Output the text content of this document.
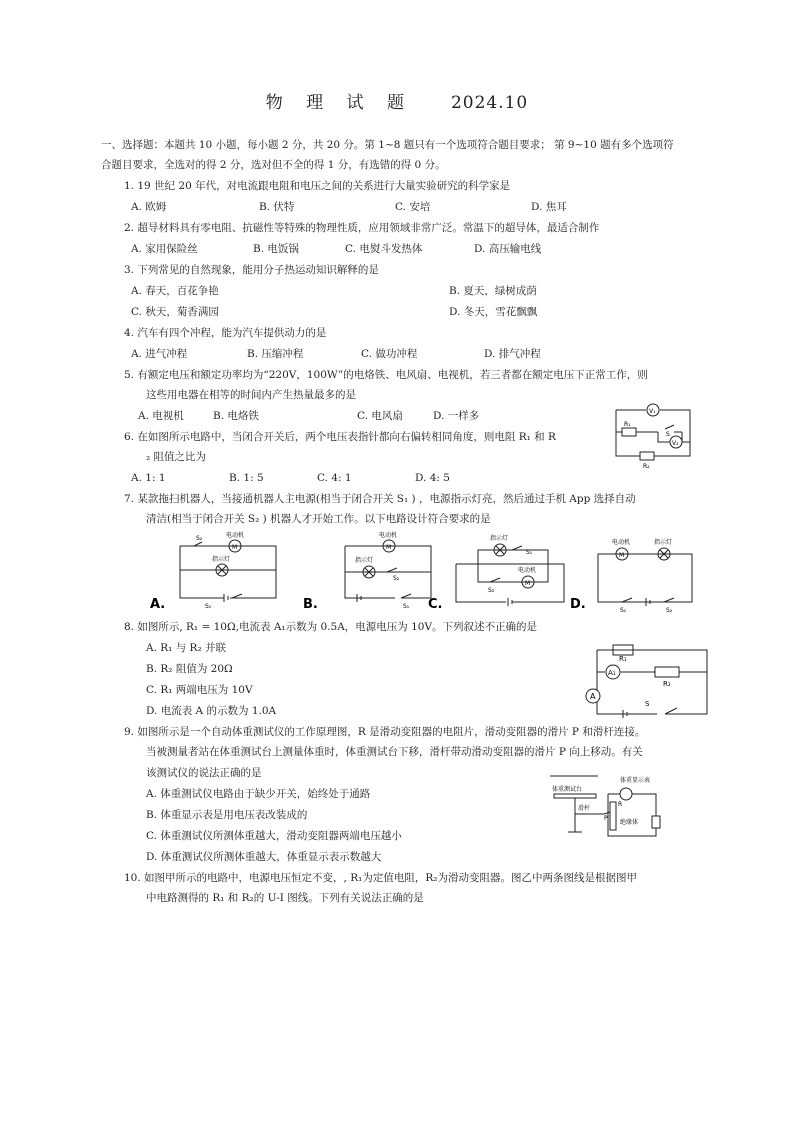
物 理 试 题 2024.10
一、选择题：本题共 10 小题，每小题 2 分，共 20 分。第 1~8 题只有一个选项符合题目要求； 第 9~10 题有多个选项符
合题目要求，全选对的得 2 分，选对但不全的得 1 分，有选错的得 0 分。
1. 19 世纪 20 年代，对电流跟电阻和电压之间的关系进行大量实验研究的科学家是
A. 欧姆	B. 伏特	C. 安培	D. 焦耳
2. 超导材料具有零电阻、抗磁性等特殊的物理性质，应用领域非常广泛。常温下的超导体，最适合制作
A. 家用保险丝	B. 电饭锅	C. 电熨斗发热体	D. 高压输电线
3. 下列常见的自然现象，能用分子热运动知识解释的是
A. 春天，百花争艳	B. 夏天，绿树成荫
C. 秋天，菊香满园	D. 冬天，雪花飘飘
4. 汽车有四个冲程，能为汽车提供动力的是
A. 进气冲程	B. 压缩冲程	C. 做功冲程	D. 排气冲程
5. 有额定电压和额定功率均为“220V，100W”的电烙铁、电风扇、电视机，若三者都在额定电压下正常工作，则
这些用电器在相等的时间内产生热量最多的是
A. 电视机	B. 电烙铁	C. 电风扇	D. 一样多
6. 在如图所示电路中，当闭合开关后，两个电压表指针都向右偏转相同角度，则电阻 R₁ 和 R
₂ 阻值之比为
A. 1: 1	B. 1: 5	C. 4: 1	D. 4: 5
V₁
V₂
R₁
S
R₂
7. 某款拖扫机器人，当接通机器人主电源(相当于闭合开关 S₁ ) ，电源指示灯亮，然后通过手机 App 选择自动
清洁(相当于闭合开关 S₂ ) 机器人才开始工作。以下电路设计符合要求的是
电动机
M
指示灯
S₂
S₁
A.
电动机
M
指示灯
S₂
S₁
B.
指示灯
S₁
电动机
M
S₂
C.
电动机
M
指示灯
S₁	S₂
D.
8. 如图所示, R₁ = 10Ω,电流表 A₁示数为 0.5A，电源电压为 10V。下列叙述不正确的是
A. R₁ 与 R₂ 并联
B. R₂ 阻值为 20Ω
C. R₁ 两端电压为 10V
D. 电流表 A 的示数为 1.0A
R₁
A₁
R₂
A
S
9. 如图所示是一个自动体重测试仪的工作原理图，R 是滑动变阻器的电阻片，滑动变阻器的滑片 P 和滑杆连接。
当被测量者站在体重测试台上测量体重时，体重测试台下移，滑杆带动滑动变阻器的滑片 P 向上移动。有关
该测试仪的说法正确的是
A. 体重测试仪电路由于缺少开关，始终处于通路
B. 体重显示表是用电压表改装成的
C. 体重测试仪所测体重越大，滑动变阻器两端电压越小
D. 体重测试仪所测体重越大，体重显示表示数越大
体重显示表
体重测试台
滑杆
R
P
绝缘体
10. 如图甲所示的电路中，电源电压恒定不变，, R₁为定值电阻，R₂为滑动变阻器。图乙中两条图线是根据图甲
中电路测得的 R₁ 和 R₂的 U-I 图线。下列有关说法正确的是
